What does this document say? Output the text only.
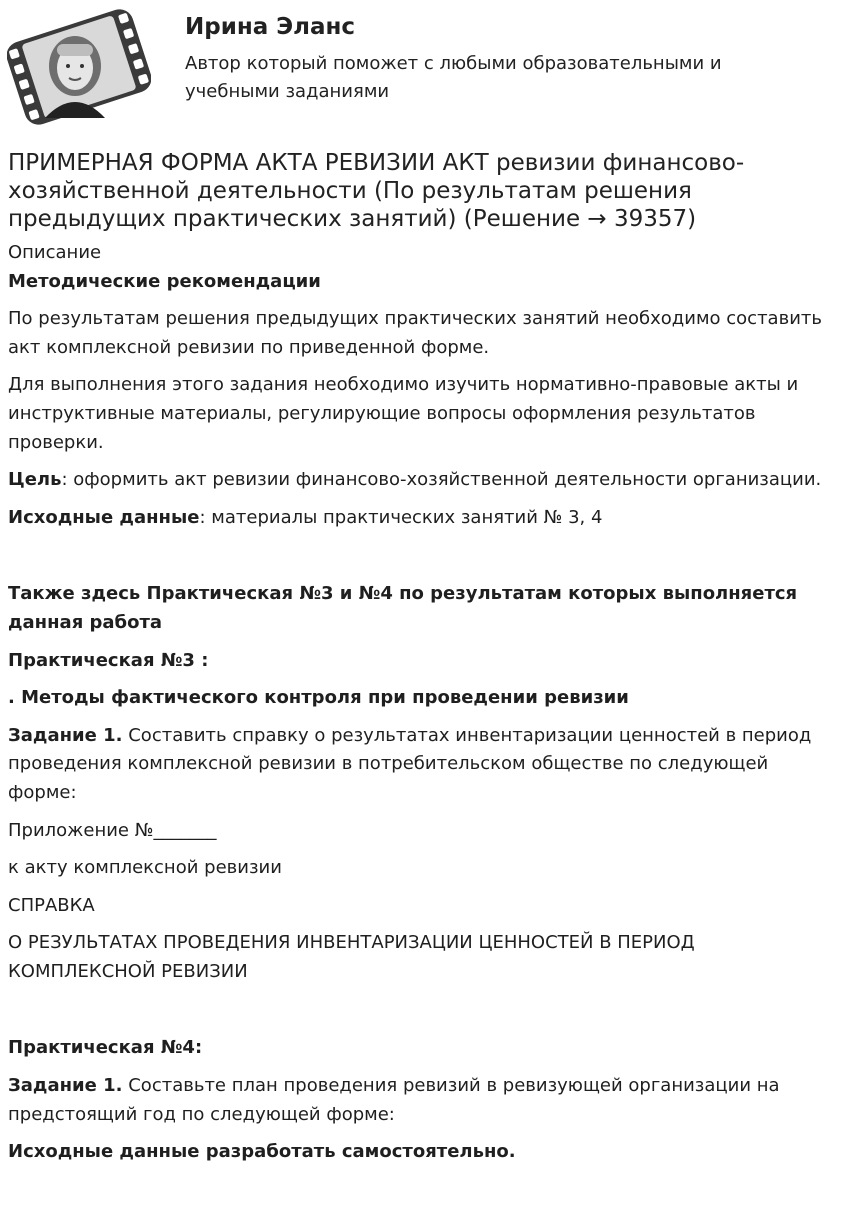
Ирина Эланс
Автор который поможет с любыми образовательными и учебными заданиями
ПРИМЕРНАЯ ФОРМА АКТА РЕВИЗИИ АКТ ревизии финансово-хозяйственной деятельности (По результатам решения предыдущих практических занятий) (Решение → 39357)

Описание

Методические рекомендации

По результатам решения предыдущих практических занятий необходимо составить акт комплексной ревизии по приведенной форме.

Для выполнения этого задания необходимо изучить нормативно-правовые акты и инструктивные материалы, регулирующие вопросы оформления результатов проверки.

Цель: оформить акт ревизии финансово-хозяйственной деятельности организации.

Исходные данные: материалы практических занятий № 3, 4

Также здесь Практическая №3 и №4 по результатам которых выполняется данная работа

Практическая №3 :

. Методы фактического контроля при проведении ревизии

Задание 1. Составить справку о результатах инвентаризации ценностей в период проведения комплексной ревизии в потребительском обществе по следующей форме:

Приложение №_______

к акту комплексной ревизии

СПРАВКА

О РЕЗУЛЬТАТАХ ПРОВЕДЕНИЯ ИНВЕНТАРИЗАЦИИ ЦЕННОСТЕЙ В ПЕРИОД КОМПЛЕКСНОЙ РЕВИЗИИ

Практическая №4:

Задание 1. Составьте план проведения ревизий в ревизующей организации на предстоящий год по следующей форме:

Исходные данные разработать самостоятельно.
